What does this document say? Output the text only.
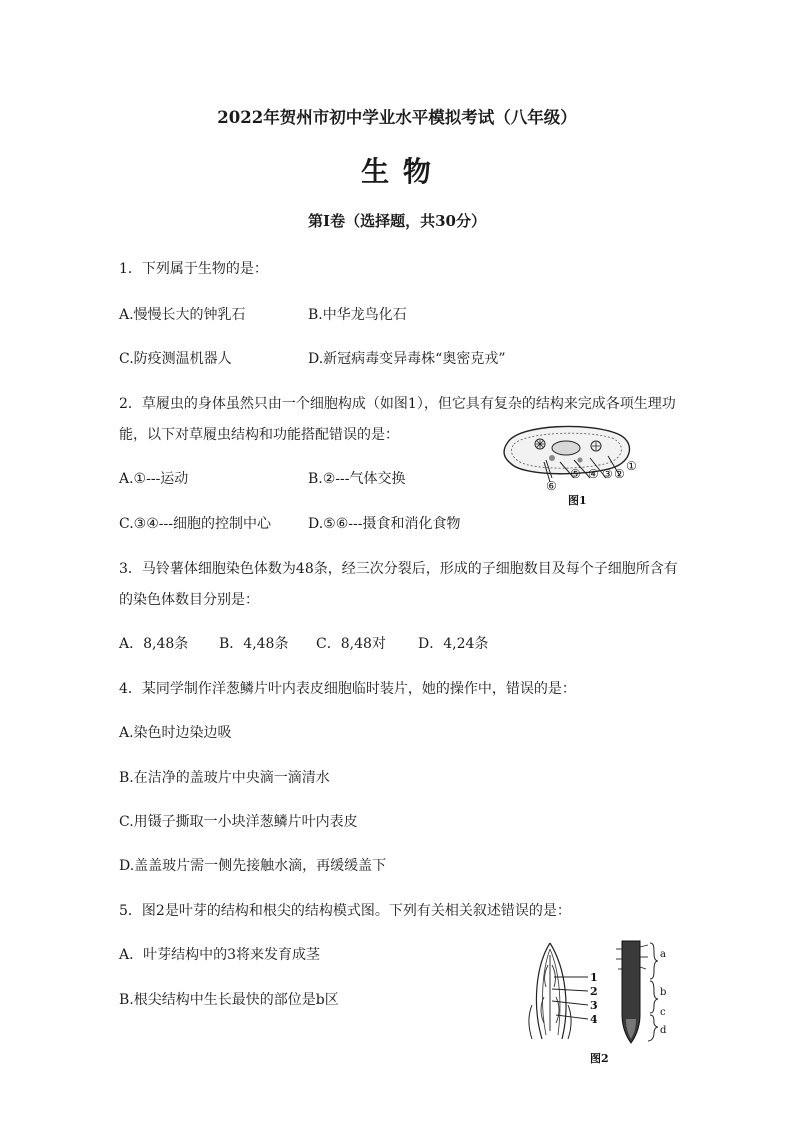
2022年贺州市初中学业水平模拟考试（八年级）
生 物
第Ⅰ卷（选择题，共30分）
1．下列属于生物的是：
A.慢慢长大的钟乳石	B.中华龙鸟化石
C.防疫测温机器人	D.新冠病毒变异毒株“奥密克戎”
2．草履虫的身体虽然只由一个细胞构成（如图1），但它具有复杂的结构来完成各项生理功
能，以下对草履虫结构和功能搭配错误的是：
A.①---运动	B.②---气体交换
C.③④---细胞的控制中心	D.⑤⑥---摄食和消化食物
⑥
⑤ ④ ③ ②
①
图1
3．马铃薯体细胞染色体数为48条，经三次分裂后，形成的子细胞数目及每个子细胞所含有
的染色体数目分别是：
A．8,48条 B．4,48条 C．8,48对 D．4,24条
4．某同学制作洋葱鳞片叶内表皮细胞临时装片，她的操作中，错误的是：
A.染色时边染边吸
B.在洁净的盖玻片中央滴一滴清水
C.用镊子撕取一小块洋葱鳞片叶内表皮
D.盖盖玻片需一侧先接触水滴，再缓缓盖下
5．图2是叶芽的结构和根尖的结构模式图。下列有关相关叙述错误的是：
A．叶芽结构中的3将来发育成茎
B.根尖结构中生长最快的部位是b区
1
2
3
4
a
b
c
d
图2
